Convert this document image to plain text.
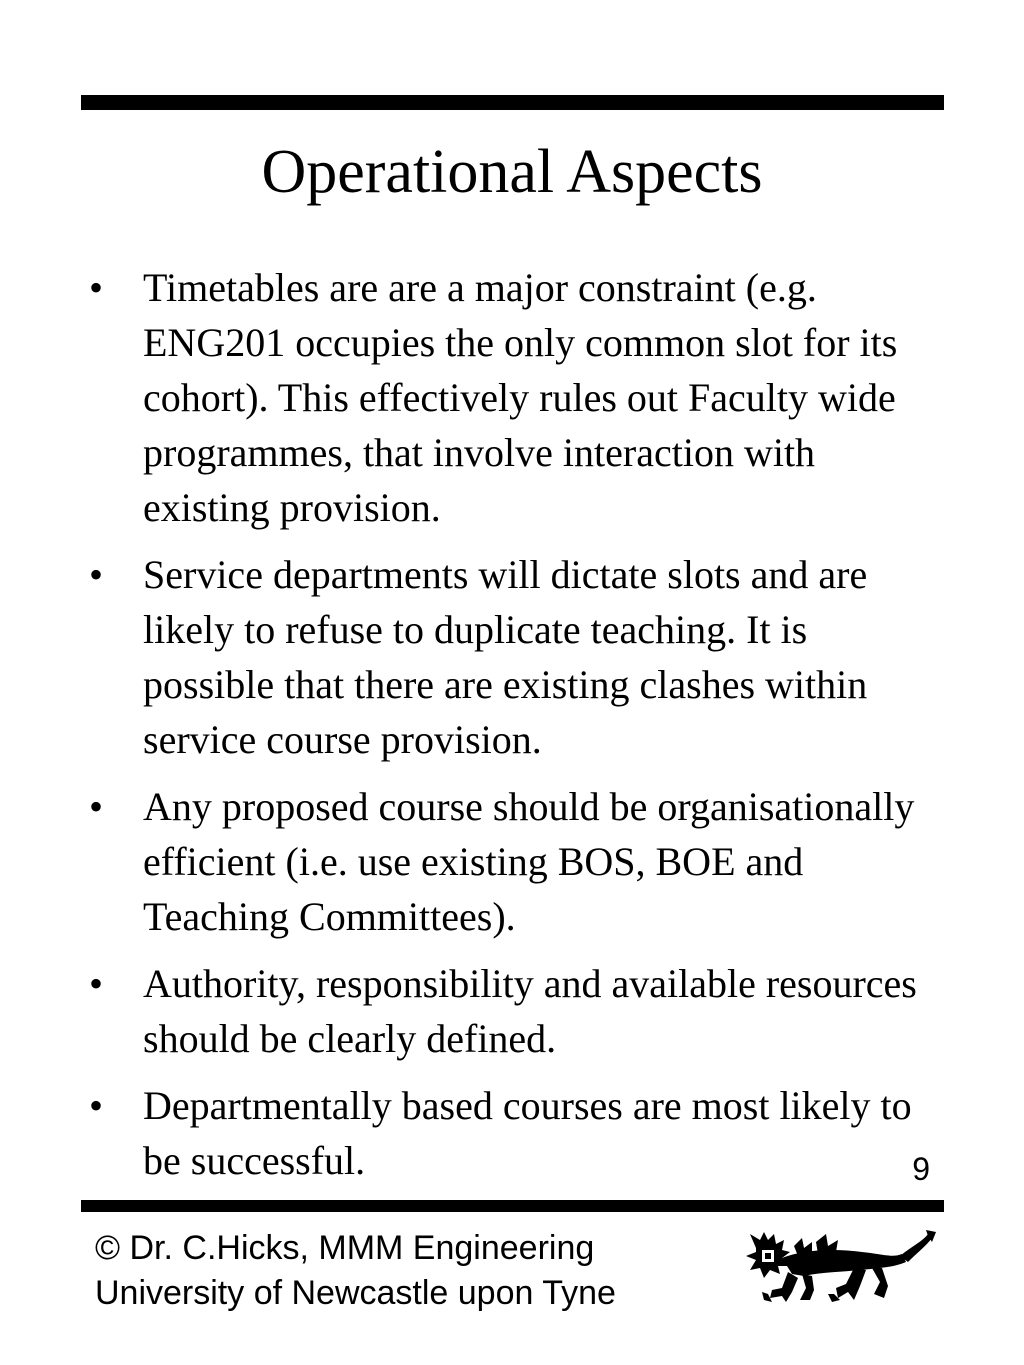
Operational Aspects
• Timetables are are a major constraint (e.g. ENG201 occupies the only common slot for its cohort). This effectively rules out Faculty wide programmes, that involve interaction with existing provision.
• Service departments will dictate slots and are likely to refuse to duplicate teaching. It is possible that there are existing clashes within service course provision.
• Any proposed course should be organisationally efficient (i.e. use existing BOS, BOE and Teaching Committees).
• Authority, responsibility and available resources should be clearly defined.
• Departmentally based courses are most likely to be successful.	9
© Dr. C.Hicks, MMM Engineering
University of Newcastle upon Tyne
